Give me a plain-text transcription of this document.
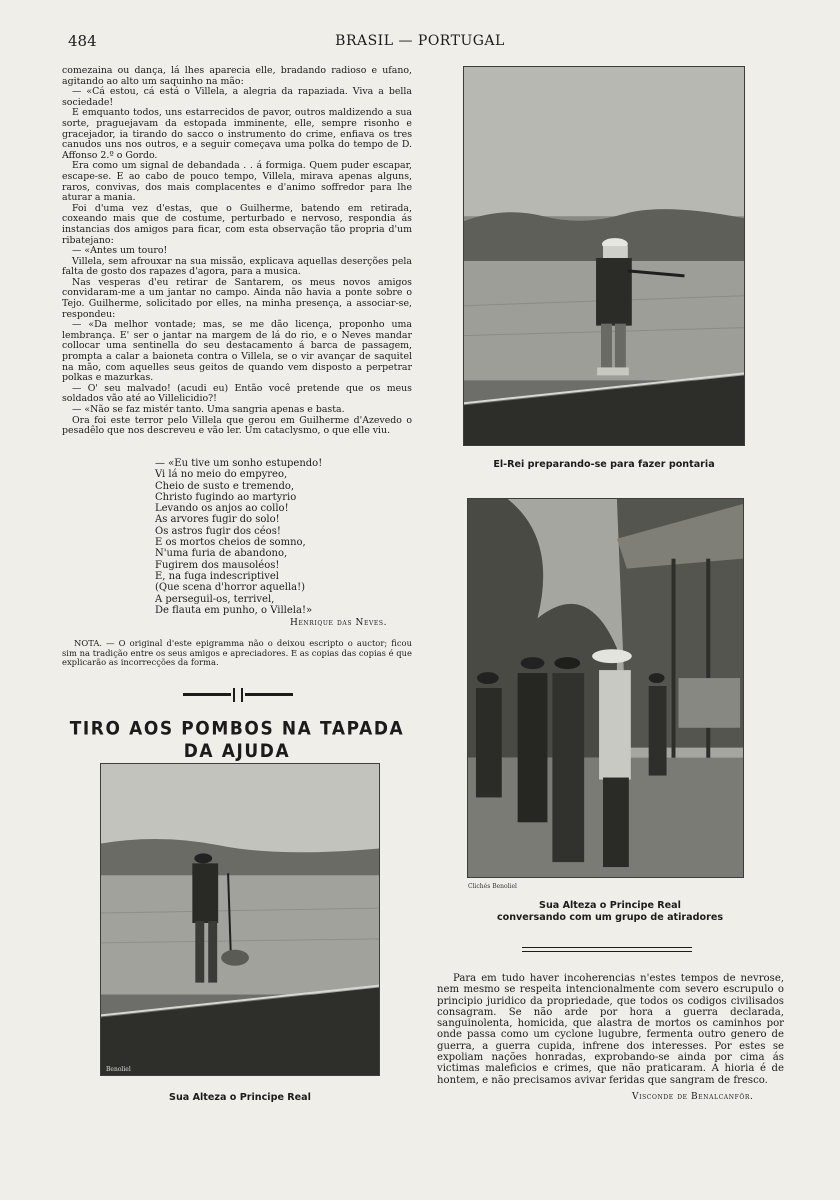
484	BRASIL — PORTUGAL

comezaina ou dança, lá lhes aparecia elle, bradando radioso e ufano, agitando ao alto um saquinho na mão:

— «Cá estou, cá está o Villela, a alegria da rapaziada. Viva a bella sociedade!

E emquanto todos, uns estarrecidos de pavor, outros maldizendo a sua sorte, praguejavam da estopada imminente, elle, sempre risonho e gracejador, ia tirando do sacco o instrumento do crime, enfiava os tres canudos uns nos outros, e a seguir começava uma polka do tempo de D. Affonso 2.º o Gordo.

Era como um signal de debandada . . á formiga. Quem puder escapar, escape-se. E ao cabo de pouco tempo, Villela, mirava apenas alguns, raros, convivas, dos mais complacentes e d'animo soffredor para lhe aturar a mania.

Foi d'uma vez d'estas, que o Guilherme, batendo em retirada, coxeando mais que de costume, perturbado e nervoso, respondia ás instancias dos amigos para ficar, com esta observação tão propria d'um ribatejano:

— «Antes um touro!

Villela, sem afrouxar na sua missão, explicava aquellas deserções pela falta de gosto dos rapazes d'agora, para a musica.

Nas vesperas d'eu retirar de Santarem, os meus novos amigos convidaram-me a um jantar no campo. Ainda não havia a ponte sobre o Tejo. Guilherme, solicitado por elles, na minha presença, a associar-se, respondeu:

— «Da melhor vontade; mas, se me dão licença, proponho uma lembrança. E' ser o jantar na margem de lá do rio, e o Neves mandar collocar uma sentinella do seu destacamento á barca de passagem, prompta a calar a baioneta contra o Villela, se o vir avançar de saquitel na mão, com aquelles seus geitos de quando vem disposto a perpetrar polkas e mazurkas.

— O' seu malvado! (acudi eu) Então você pretende que os meus soldados vão até ao Villelicidio?!

— «Não se faz mistér tanto. Uma sangria apenas e basta.

Ora foi este terror pelo Villela que gerou em Guilherme d'Azevedo o pesadêlo que nos descreveu e vão ler. Um cataclysmo, o que elle viu.

— «Eu tive um sonho estupendo!
Vi lá no meio do empyreo,
Cheio de susto e tremendo,
Christo fugindo ao martyrio
Levando os anjos ao collo!
As arvores fugir do solo!
Os astros fugir dos céos!
E os mortos cheios de somno,
N'uma furia de abandono,
Fugirem dos mausoléos!
E, na fuga indescriptivel
(Que scena d'horror aquella!)
A perseguil-os, terrivel,
De flauta em punho, o Villela!»
Henrique das Neves.
NOTA. — O original d'este epigramma não o deixou escripto o auctor; ficou sim na tradição entre os seus amigos e apreciadores. E as copias das copias é que explicarão as incorrecções da forma.
TIRO AOS POMBOS NA TAPADA DA AJUDA
El-Rei preparando-se para fazer pontaria
Clichés Benoliel
Sua Alteza o Principe Real
conversando com um grupo de atiradores
Benoliel
Sua Alteza o Principe Real
Para em tudo haver incoherencias n'estes tempos de nevrose, nem mesmo se respeita intencionalmente com severo escrupulo o principio juridico da propriedade, que todos os codigos civilisados consagram. Se não arde por hora a guerra declarada, sanguinolenta, homicida, que alastra de mortos os caminhos por onde passa como um cyclone lugubre, fermenta outro genero de guerra, a guerra cupida, infrene dos interesses. Por estes se expoliam nações honradas, exprobando-se ainda por cima ás victimas maleficios e crimes, que não praticaram. A hioria é de hontem, e não precisamos avivar feridas que sangram de fresco.
Visconde de Benalcanfôr.
